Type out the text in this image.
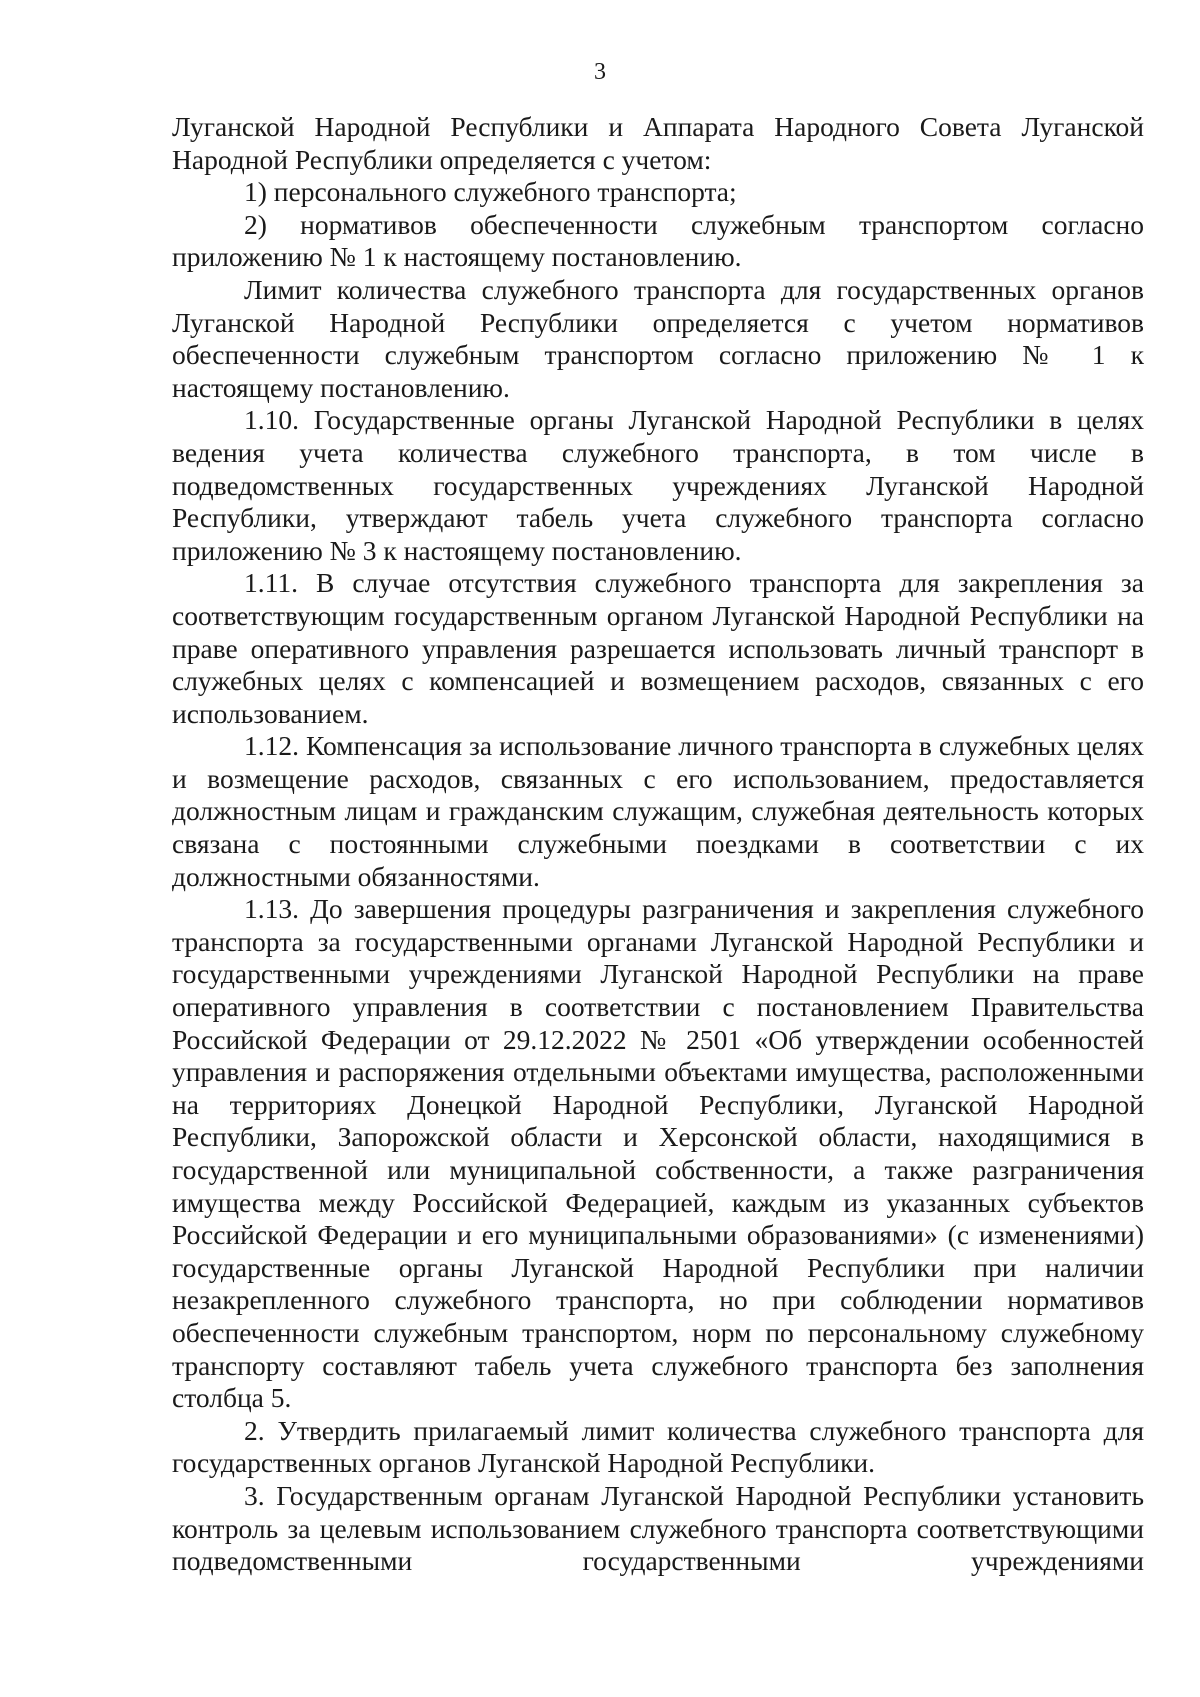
3
Луганской Народной Республики и Аппарата Народного Совета Луганской Народной Республики определяется с учетом:
1) персонального служебного транспорта;
2) нормативов обеспеченности служебным транспортом согласно приложению № 1 к настоящему постановлению.
Лимит количества служебного транспорта для государственных органов Луганской Народной Республики определяется с учетом нормативов обеспеченности служебным транспортом согласно приложению № 1 к настоящему постановлению.
1.10. Государственные органы Луганской Народной Республики в целях ведения учета количества служебного транспорта, в том числе в подведомственных государственных учреждениях Луганской Народной Республики, утверждают табель учета служебного транспорта согласно приложению № 3 к настоящему постановлению.
1.11. В случае отсутствия служебного транспорта для закрепления за соответствующим государственным органом Луганской Народной Республики на праве оперативного управления разрешается использовать личный транспорт в служебных целях с компенсацией и возмещением расходов, связанных с его использованием.
1.12. Компенсация за использование личного транспорта в служебных целях и возмещение расходов, связанных с его использованием, предоставляется должностным лицам и гражданским служащим, служебная деятельность которых связана с постоянными служебными поездками в соответствии с их должностными обязанностями.
1.13. До завершения процедуры разграничения и закрепления служебного транспорта за государственными органами Луганской Народной Республики и государственными учреждениями Луганской Народной Республики на праве оперативного управления в соответствии с постановлением Правительства Российской Федерации от 29.12.2022 № 2501 «Об утверждении особенностей управления и распоряжения отдельными объектами имущества, расположенными на территориях Донецкой Народной Республики, Луганской Народной Республики, Запорожской области и Херсонской области, находящимися в государственной или муниципальной собственности, а также разграничения имущества между Российской Федерацией, каждым из указанных субъектов Российской Федерации и его муниципальными образованиями» (с изменениями) государственные органы Луганской Народной Республики при наличии незакрепленного служебного транспорта, но при соблюдении нормативов обеспеченности служебным транспортом, норм по персональному служебному транспорту составляют табель учета служебного транспорта без заполнения столбца 5.
2. Утвердить прилагаемый лимит количества служебного транспорта для государственных органов Луганской Народной Республики.
3. Государственным органам Луганской Народной Республики установить контроль за целевым использованием служебного транспорта соответствующими подведомственными государственными учреждениями
